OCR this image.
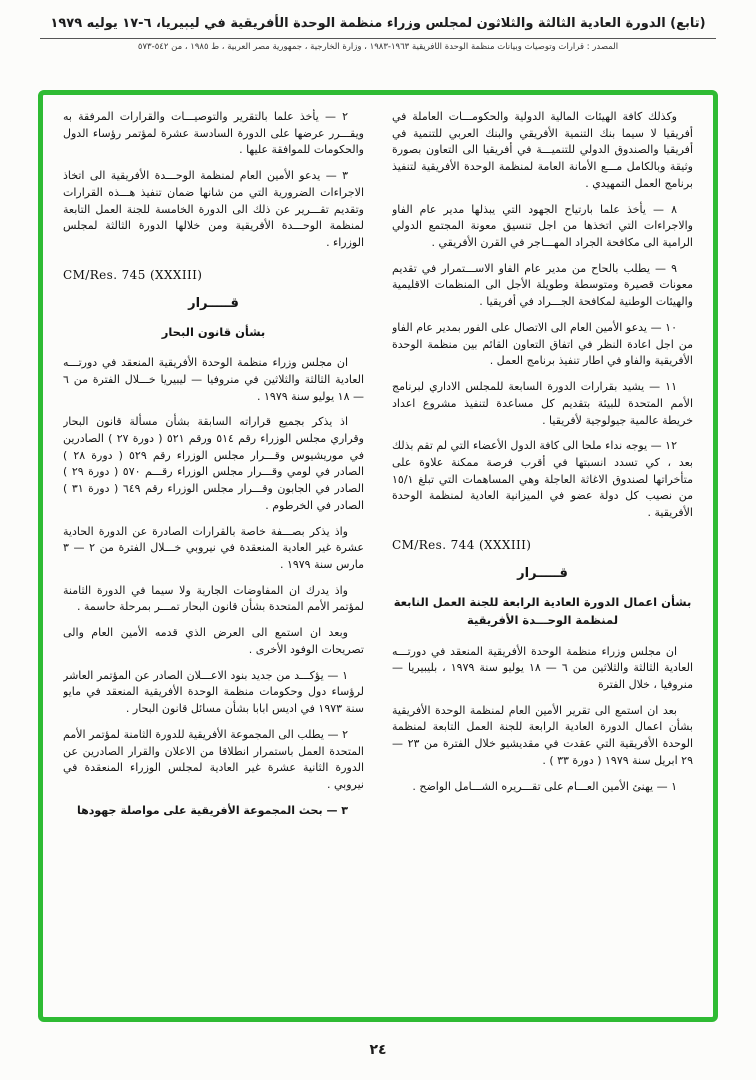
(تابع) الدورة العادية الثالثة والثلاثون لمجلس وزراء منظمة الوحدة الأفريقية في ليبيريا، ٦-١٧ يوليه ١٩٧٩
المصدر : قرارات وتوصيات وبيانات منظمة الوحدة الأفريقية ١٩٦٣-١٩٨٣ ، وزارة الخارجية ، جمهورية مصر العربية ، ط ١٩٨٥ ، من ٥٤٢-٥٧٣
وكذلك كافة الهيئات المالية الدولية والحكومـــات العاملة في أفريقيا لا سيما بنك التنمية الأفريقي والبنك العربي للتنمية في أفريقيا والصندوق الدولي للتنميـــة في أفريقيا الى التعاون بصورة وثيقة وبالكامل مـــع الأمانة العامة لمنظمة الوحدة الأفريقية لتنفيذ برنامج العمل التمهيدي .
٨ — يأخذ علما بارتياح الجهود التي يبذلها مدير عام الفاو والاجراءات التي اتخذها من اجل تنسيق معونة المجتمع الدولي الرامية الى مكافحة الجراد المهـــاجر في القرن الأفريقي .
٩ — يطلب بالحاح من مدير عام الفاو الاســـتمرار في تقديم معونات قصيرة ومتوسطة وطويلة الأجل الى المنظمات الاقليمية والهيئات الوطنية لمكافحة الجـــراد في أفريقيا .
١٠ — يدعو الأمين العام الى الاتصال على الفور بمدير عام الفاو من اجل اعادة النظر في اتفاق التعاون القائم بين منظمة الوحدة الأفريقية والفاو في اطار تنفيذ برنامج العمل .
١١ — يشيد بقرارات الدورة السابعة للمجلس الاداري لبرنامج الأمم المتحدة للبيئة بتقديم كل مساعدة لتنفيذ مشروع اعداد خريطة عالمية جيولوجية لأفريقيا .
١٢ — يوجه نداء ملحا الى كافة الدول الأعضاء التي لم تقم بذلك بعد ، كي تسدد انسبتها في أقرب فرصة ممكنة علاوة على متأخراتها لصندوق الاغاثة العاجلة وهي المساهمات التي تبلغ ١٥/١ من نصيب كل دولة عضو في الميزانية العادية لمنظمة الوحدة الأفريقية .
CM/Res. 744 (XXXIII)
قـــــرار
بشأن اعمال الدورة العادية الرابعة للجنة العمل النابعة لمنظمة الوحـــدة الأفريقية
ان مجلس وزراء منظمة الوحدة الأفريقية المنعقد في دورتـــه العادية الثالثة والثلاثين من ٦ — ١٨ يوليو سنة ١٩٧٩ ، بليبيريا — منروفيا ، خلال الفترة
بعد ان استمع الى تقرير الأمين العام لمنظمة الوحدة الأفريقية بشأن اعمال الدورة العادية الرابعة للجنة العمل التابعة لمنظمة الوحدة الأفريقية التي عقدت في مقديشيو خلال الفترة من ٢٣ — ٢٩ ابريل سنة ١٩٧٩ ( دورة ٣٣ ) .
١ — يهنئ الأمين العـــام على تقـــريره الشـــامل الواضح .
٢ — يأخذ علما بالتقرير والتوصيـــات والقرارات المرفقة به ويقـــرر عرضها على الدورة السادسة عشرة لمؤتمر رؤساء الدول والحكومات للموافقة عليها .
٣ — يدعو الأمين العام لمنظمة الوحـــدة الأفريقية الى اتخاذ الاجراءات الضرورية التي من شانها ضمان تنفيذ هـــذه القرارات وتقديم تقـــرير عن ذلك الى الدورة الخامسة للجنة العمل التابعة لمنظمة الوحـــدة الأفريقية ومن خلالها الدورة الثالثة لمجلس الوزراء .
CM/Res. 745 (XXXIII)
قـــــرار
بشأن قانون البحار
ان مجلس وزراء منظمة الوحدة الأفريقية المنعقد في دورتـــه العادية الثالثة والثلاثين في منروفيا — ليبيريا خـــلال الفترة من ٦ — ١٨ يوليو سنة ١٩٧٩ .
اذ يذكر بجميع قراراته السابقة بشأن مسألة قانون البحار وقراري مجلس الوزراء رقم ٥١٤ ورقم ٥٢١ ( دورة ٢٧ ) الصادرين في موريشيوس وقـــرار مجلس الوزراء رقم ٥٢٩ ( دورة ٢٨ ) الصادر في لومي وقـــرار مجلس الوزراء رقـــم ٥٧٠ ( دورة ٢٩ ) الصادر في الجابون وقـــرار مجلس الوزراء رقم ٦٤٩ ( دورة ٣١ ) الصادر في الخرطوم .
واذ يذكر بصـــفة خاصة بالقرارات الصادرة عن الدورة الحادية عشرة غير العادية المنعقدة في نيروبي خـــلال الفترة من ٢ — ٣ مارس سنة ١٩٧٩ .
واذ يدرك ان المفاوضات الجارية ولا سيما في الدورة الثامنة لمؤتمر الأمم المتحدة بشأن قانون البحار تمـــر بمرحلة حاسمة .
وبعد ان استمع الى العرض الذي قدمه الأمين العام والى تصريحات الوفود الأخرى .
١ — يؤكـــد من جديد بنود الاعـــلان الصادر عن المؤتمر العاشر لرؤساء دول وحكومات منظمة الوحدة الأفريقية المنعقد في مايو سنة ١٩٧٣ في اديس ابابا بشأن مسائل قانون البحار .
٢ — يطلب الى المجموعة الأفريقية للدورة الثامنة لمؤتمر الأمم المتحدة العمل باستمرار انطلاقا من الاعلان والقرار الصادرين عن الدورة الثانية عشرة غير العادية لمجلس الوزراء المنعقدة في نيروبي .
٣ — بحث المجموعة الأفريقية على مواصلة جهودها
٢٤
